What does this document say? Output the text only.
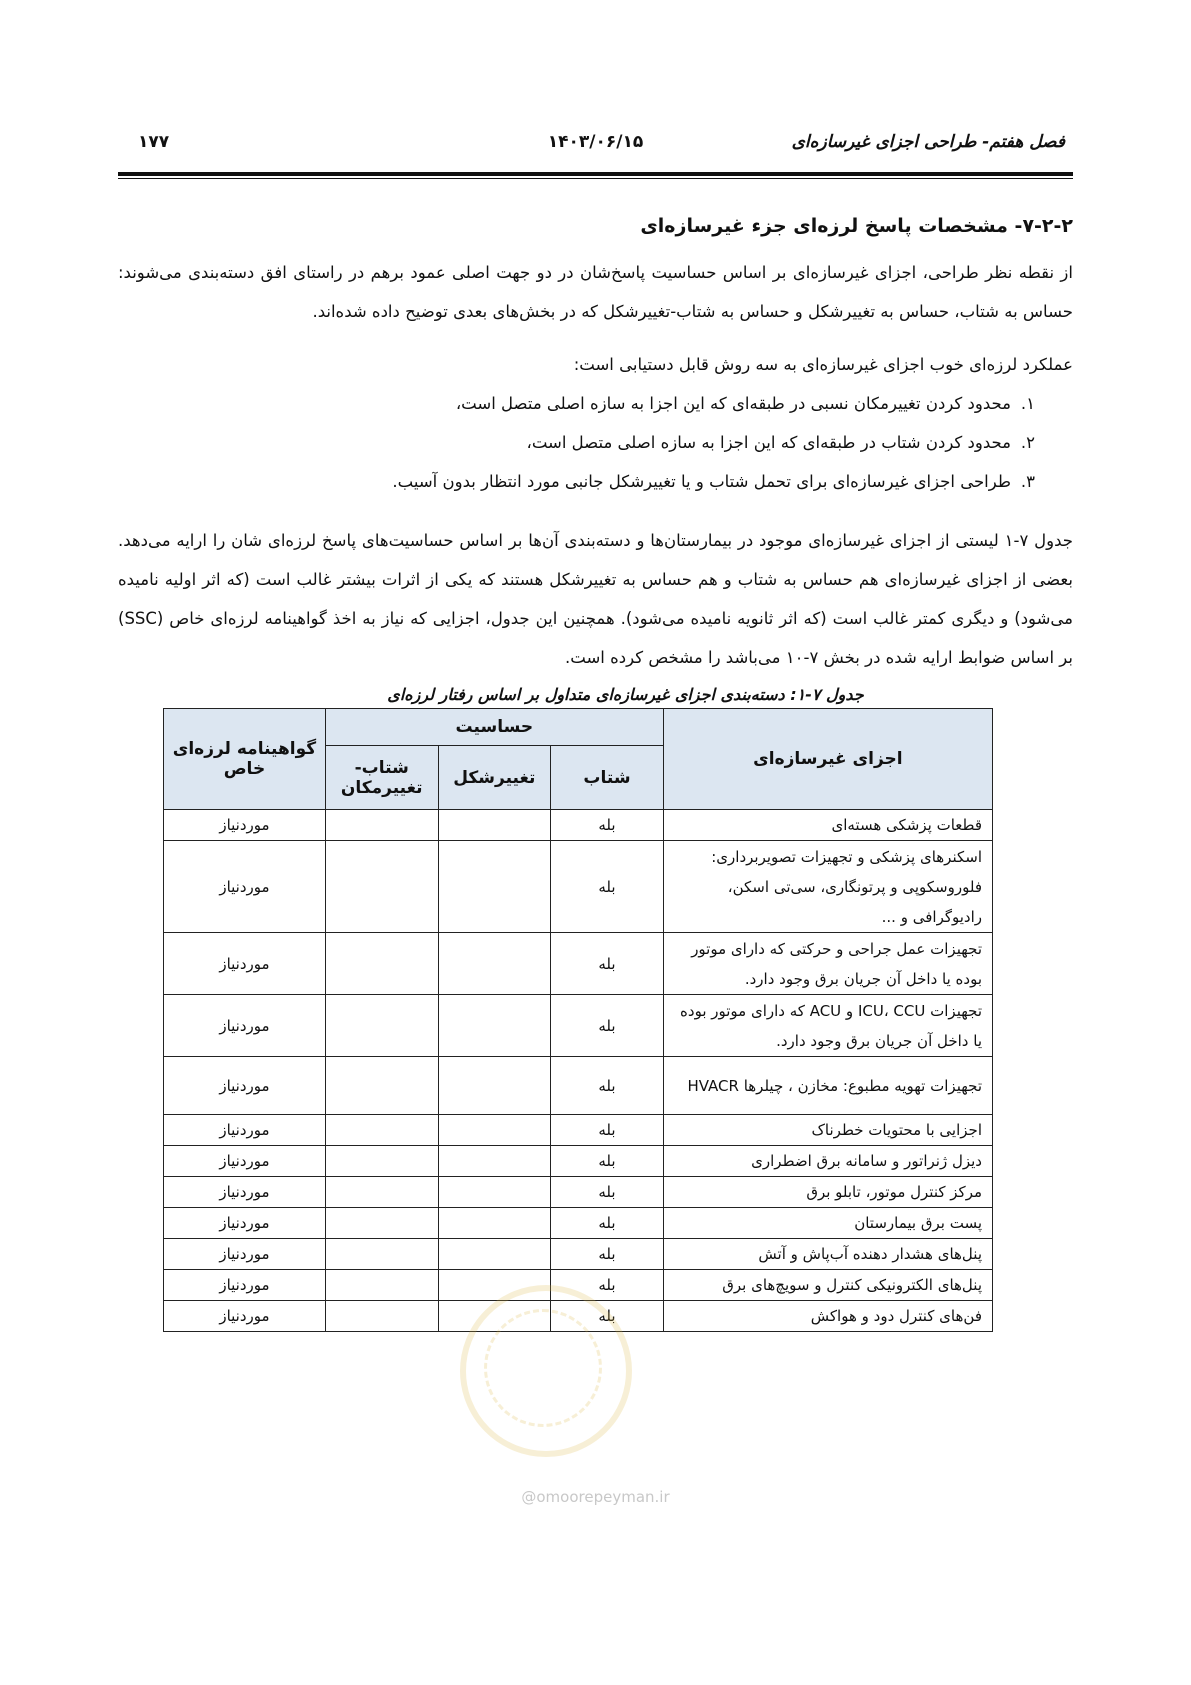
فصل هفتم- طراحی اجزای غیرسازه‌ای
۱۴۰۳/۰۶/۱۵
۱۷۷
۷-۲-۲- مشخصات پاسخ لرزه‌ای جزء غیرسازه‌ای

از نقطه نظر طراحی، اجزای غیرسازه‌ای بر اساس حساسیت پاسخ‌شان در دو جهت اصلی عمود برهم در راستای افق دسته‌بندی می‌شوند: حساس به شتاب، حساس به تغییرشکل و حساس به شتاب-تغییرشکل که در بخش‌های بعدی توضیح داده شده‌اند.

عملکرد لرزه‌ای خوب اجزای غیرسازه‌ای به سه روش قابل دستیابی است:

۱.
محدود کردن تغییرمکان نسبی در طبقه‌ای که این اجزا به سازه اصلی متصل است،
۲.
محدود کردن شتاب در طبقه‌ای که این اجزا به سازه اصلی متصل است،
۳.
طراحی اجزای غیرسازه‌ای برای تحمل شتاب و یا تغییرشکل جانبی مورد انتظار بدون آسیب.

جدول ۷-۱ لیستی از اجزای غیرسازه‌ای موجود در بیمارستان‌ها و دسته‌بندی آن‌ها بر اساس حساسیت‌های پاسخ لرزه‌ای شان را ارایه می‌دهد. بعضی از اجزای غیرسازه‌ای هم حساس به شتاب و هم حساس به تغییرشکل هستند که یکی از اثرات بیشتر غالب است (که اثر اولیه نامیده می‌شود) و دیگری کمتر غالب است (که اثر ثانویه نامیده می‌شود). همچنین این جدول، اجزایی که نیاز به اخذ گواهینامه لرزه‌ای خاص (SSC) بر اساس ضوابط ارایه شده در بخش ۷-۱۰ می‌باشد را مشخص کرده است.

جدول ۷-۱: دسته‌بندی اجزای غیرسازه‌ای متداول بر اساس رفتار لرزه‌ای
اجزای غیرسازه‌ای	حساسیت			گواهینامه لرزه‌ای خاص
	شتاب	تغییرشکل	شتاب-تغییرمکان	
قطعات پزشکی هسته‌ای	بله			موردنیاز
اسکنرهای پزشکی و تجهیزات تصویربرداری: فلوروسکوپی و پرتونگاری، سی‌تی اسکن، رادیوگرافی و ...	بله			موردنیاز
تجهیزات عمل جراحی و حرکتی که دارای موتور بوده یا داخل آن جریان برق وجود دارد.	بله			موردنیاز
تجهیزات ICU، CCU و ACU که دارای موتور بوده یا داخل آن جریان برق وجود دارد.	بله			موردنیاز
تجهیزات تهویه مطبوع: مخازن ، چیلرها HVACR	بله			موردنیاز
اجزایی با محتویات خطرناک	بله			موردنیاز
دیزل ژنراتور و سامانه برق اضطراری	بله			موردنیاز
مرکز کنترل موتور، تابلو برق	بله			موردنیاز
پست برق بیمارستان	بله			موردنیاز
پنل‌های هشدار دهنده آب‌پاش و آتش	بله			موردنیاز
پنل‌های الکترونیکی کنترل و سویچ‌های برق	بله			موردنیاز
فن‌های کنترل دود و هواکش	بله			موردنیاز
@omoorepeyman.ir
